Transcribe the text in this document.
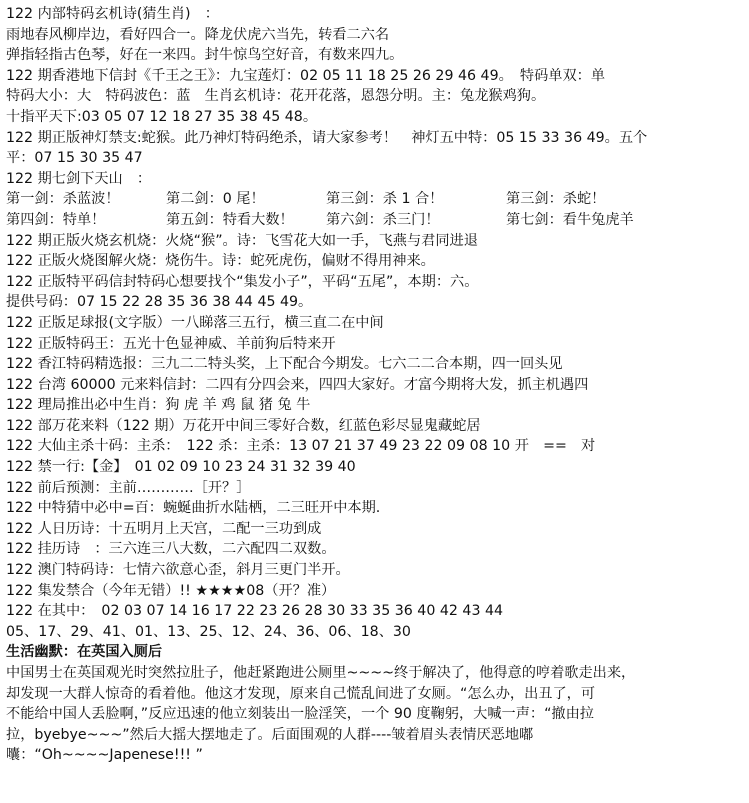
122 内部特码玄机诗(猜生肖)　：
雨地春风柳岸边，看好四合一。降龙伏虎六当先，转看二六名
弹指轻指古色琴，好在一来四。封牛惊鸟空好音，有数来四九。
122 期香港地下信封《千王之王》：九宝莲灯：02 05 11 18 25 26 29 46 49。　特码单双：单
特码大小：大　特码波色：蓝　生肖玄机诗：花开花落，恩怨分明。主：兔龙猴鸡狗。
十指平天下:03 05 07 12 18 27 35 38 45 48。
122 期正版神灯禁支:蛇猴。此乃神灯特码绝杀，请大家参考！　神灯五中特：05 15 33 36 49。五个
平：07 15 30 35 47
122 期七剑下天山　：
第一剑：杀蓝波！	第二剑：0 尾！	第三剑：杀 1 合！	第三剑：杀蛇！
第四剑：特单！	第五剑：特看大数！	第六剑：杀三门！	第七剑：看牛兔虎羊
122 期正版火烧玄机烧：火烧“猴”。诗：飞雪花大如一手，飞燕与君同进退
122 正版火烧图解火烧：烧伤牛。诗：蛇死虎伤，偏财不得用神来。
122 正版特平码信封特码心想要找个“集发小子”，平码“五尾”，本期：六。
提供号码：07 15 22 28 35 36 38 44 45 49。
122 正版足球报(文字版）一八睇落三五行，横三直二在中间
122 正版特码王：五光十色显神威、羊前狗后特来开
122 香江特码精选报：三九二二特头奖，上下配合今期发。七六二二合本期，四一回头见
122 台湾 60000 元来料信封：二四有分四会来，四四大家好。才富今期将大发，抓主机遇四
122 理局推出必中生肖：狗 虎 羊 鸡 鼠 猪 兔 牛
122 部万花来料（122 期）万花开中间三零好合数，红蓝色彩尽显鬼藏蛇居
122 大仙主杀十码：主杀：　122 杀：主杀：13 07 21 37 49 23 22 09 08 10 开　==　对
122 禁一行:【金】　01 02 09 10 23 24 31 32 39 40
122 前后预测：主前…………［开？］
122 中特猜中必中=百：蜿蜒曲折水陆栖，二三旺开中本期.
122 人日历诗：十五明月上天宫，二配一三功到成
122 挂历诗　：三六连三八大数，二六配四二双数。
122 澳门特码诗：七情六欲意心歪，斜月三更门半开。
122 集发禁合（今年无错）!! ★★★★08（开？准）
122 在其中：　02 03 07 14 16 17 22 23 26 28 30 33 35 36 40 42 43 44
05、17、29、41、01、13、25、12、24、36、06、18、30
生活幽默：在英国入厕后
中国男士在英国观光时突然拉肚子，他赶紧跑进公厕里~~~~终于解决了，他得意的哼着歌走出来，
却发现一大群人惊奇的看着他。他这才发现，原来自己慌乱间进了女厕。“怎么办，出丑了，可
不能给中国人丢脸啊，”反应迅速的他立刻装出一脸淫笑，一个 90 度鞠躬，大喊一声：“撤由拉
拉，byebye~~~”然后大摇大摆地走了。后面围观的人群----皱着眉头表情厌恶地嘟
囔：“Oh~~~~Japenese!!! ”
